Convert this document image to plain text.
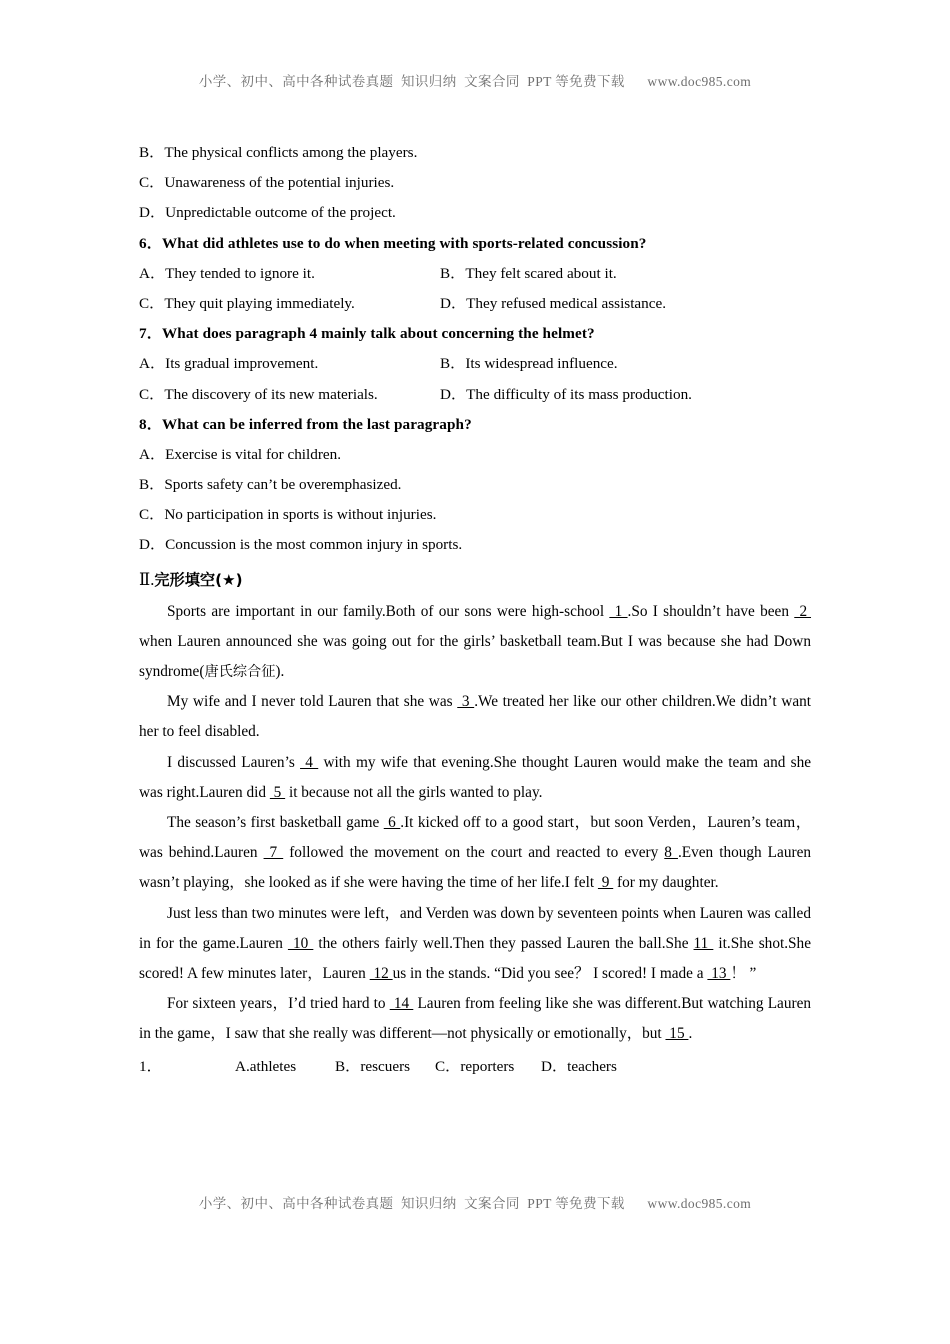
小学、初中、高中各种试卷真题  知识归纳  文案合同  PPT 等免费下载      www.doc985.com
B．The physical conflicts among the players.
C．Unawareness of the potential injuries.
D．Unpredictable outcome of the project.
6．What did athletes use to do when meeting with sports-related concussion?
A．They tended to ignore it.	B．They felt scared about it.
C．They quit playing immediately.	D．They refused medical assistance.
7．What does paragraph 4 mainly talk about concerning the helmet?
A．Its gradual improvement.	B．Its widespread influence.
C．The discovery of its new materials.	D．The difficulty of its mass production.
8．What can be inferred from the last paragraph?
A．Exercise is vital for children.
B．Sports safety can’t be overemphasized.
C．No participation in sports is without injuries.
D．Concussion is the most common injury in sports.
Ⅱ.完形填空(★)
Sports are important in our family.Both of our sons were high-school  1 .So I shouldn’t have been  2  when Lauren announced she was going out for the girls’ basketball team.But I was because she had Down syndrome(唐氏综合征).
My wife and I never told Lauren that she was  3 .We treated her like our other children.We didn’t want her to feel disabled.
I discussed Lauren’s  4  with my wife that evening.She thought Lauren would make the team and she was right.Lauren did  5  it because not all the girls wanted to play.
The season’s first basketball game  6 .It kicked off to a good start，but soon Verden，Lauren’s team，was behind.Lauren  7  followed the movement on the court and reacted to every 8 .Even though Lauren wasn’t playing，she looked as if she were having the time of her life.I felt  9  for my daughter.
Just less than two minutes were left，and Verden was down by seventeen points when Lauren was called in for the game.Lauren  10  the others fairly well.Then they passed Lauren the ball.She 11  it.She shot.She scored! A few minutes later，Lauren  12 us in the stands. “Did you see？ I scored! I made a  13 ！ ”
For sixteen years，I’d tried hard to  14  Lauren from feeling like she was different.But watching Lauren in the game，I saw that she really was different—not physically or emotionally，but  15 .
1．	A.athletes	B．rescuers C．reporters D．teachers
小学、初中、高中各种试卷真题  知识归纳  文案合同  PPT 等免费下载      www.doc985.com
